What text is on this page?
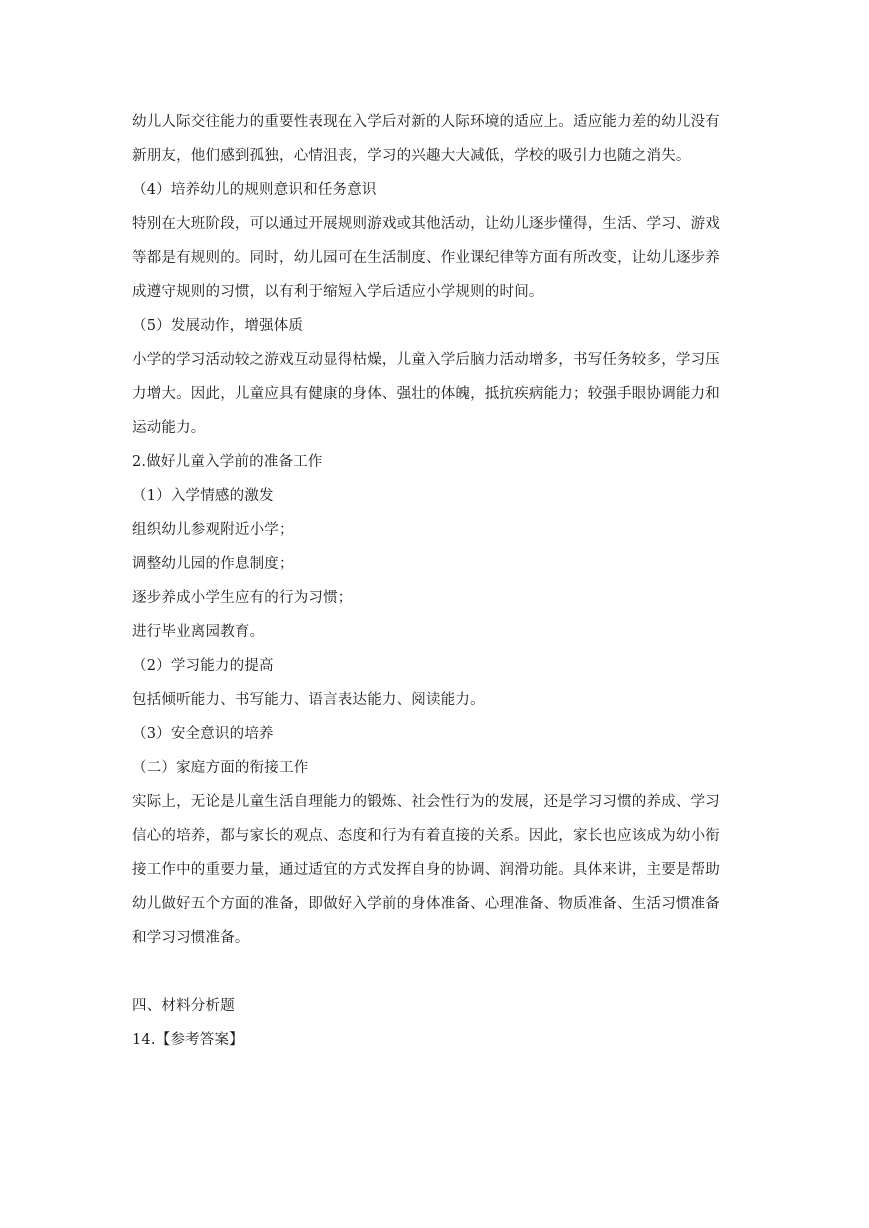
幼儿人际交往能力的重要性表现在入学后对新的人际环境的适应上。适应能力差的幼儿没有
新朋友，他们感到孤独，心情沮丧，学习的兴趣大大减低，学校的吸引力也随之消失。
（4）培养幼儿的规则意识和任务意识
特别在大班阶段，可以通过开展规则游戏或其他活动，让幼儿逐步懂得，生活、学习、游戏
等都是有规则的。同时，幼儿园可在生活制度、作业课纪律等方面有所改变，让幼儿逐步养
成遵守规则的习惯，以有利于缩短入学后适应小学规则的时间。
（5）发展动作，增强体质
小学的学习活动较之游戏互动显得枯燥，儿童入学后脑力活动增多，书写任务较多，学习压
力增大。因此，儿童应具有健康的身体、强壮的体魄，抵抗疾病能力；较强手眼协调能力和
运动能力。
2.做好儿童入学前的准备工作
（1）入学情感的激发
组织幼儿参观附近小学；
调整幼儿园的作息制度；
逐步养成小学生应有的行为习惯；
进行毕业离园教育。
（2）学习能力的提高
包括倾听能力、书写能力、语言表达能力、阅读能力。
（3）安全意识的培养
（二）家庭方面的衔接工作
实际上，无论是儿童生活自理能力的锻炼、社会性行为的发展，还是学习习惯的养成、学习
信心的培养，都与家长的观点、态度和行为有着直接的关系。因此，家长也应该成为幼小衔
接工作中的重要力量，通过适宜的方式发挥自身的协调、润滑功能。具体来讲，主要是帮助
幼儿做好五个方面的准备，即做好入学前的身体准备、心理准备、物质准备、生活习惯准备
和学习习惯准备。
四、材料分析题
14.【参考答案】
